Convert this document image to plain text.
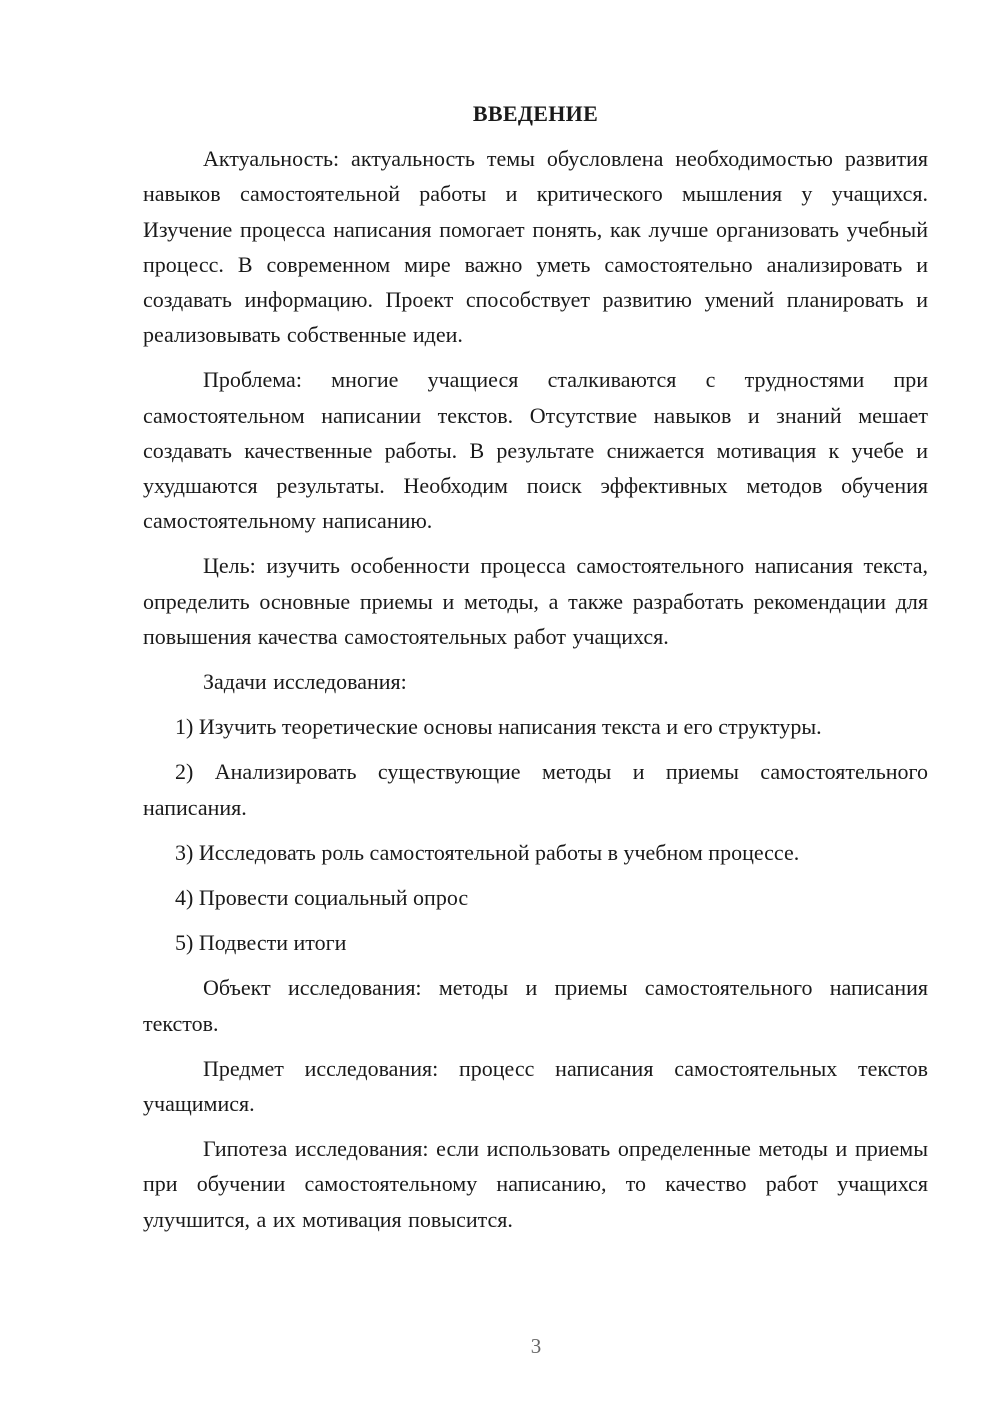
ВВЕДЕНИЕ

Актуальность: актуальность темы обусловлена необходимостью развития навыков самостоятельной работы и критического мышления у учащихся. Изучение процесса написания помогает понять, как лучше организовать учебный процесс. В современном мире важно уметь самостоятельно анализировать и создавать информацию. Проект способствует развитию умений планировать и реализовывать собственные идеи.

Проблема: многие учащиеся сталкиваются с трудностями при самостоятельном написании текстов. Отсутствие навыков и знаний мешает создавать качественные работы. В результате снижается мотивация к учебе и ухудшаются результаты. Необходим поиск эффективных методов обучения самостоятельному написанию.

Цель: изучить особенности процесса самостоятельного написания текста, определить основные приемы и методы, а также разработать рекомендации для повышения качества самостоятельных работ учащихся.

Задачи исследования:

1) Изучить теоретические основы написания текста и его структуры.

2) Анализировать существующие методы и приемы самостоятельного написания.

3) Исследовать роль самостоятельной работы в учебном процессе.

4) Провести социальный опрос

5) Подвести итоги

Объект исследования: методы и приемы самостоятельного написания текстов.

Предмет исследования: процесс написания самостоятельных текстов учащимися.

Гипотеза исследования: если использовать определенные методы и приемы при обучении самостоятельному написанию, то качество работ учащихся улучшится, а их мотивация повысится.

3
